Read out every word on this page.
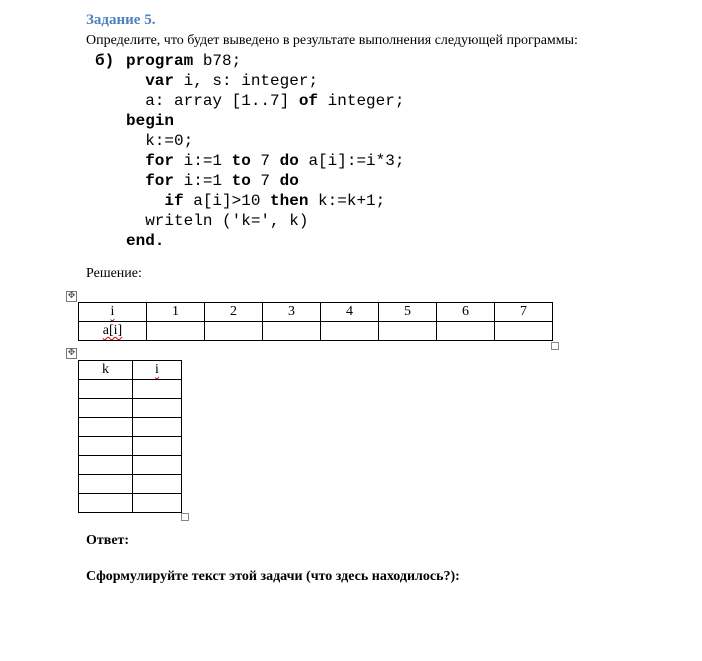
Задание 5.
Определите, что будет выведено в результате выполнения следующей программы:
б) program b78;
var i, s: integer;
a: array [1..7] of integer;
begin
k:=0;
for i:=1 to 7 do a[i]:=i*3;
for i:=1 to 7 do
if a[i]>10 then k:=k+1;
writeln ('k=', k)
end.
Решение:
✥
i	1	2	3	4	5	6	7
a[i]							
✥
k	i

Ответ:
Сформулируйте текст этой задачи (что здесь находилось?):
